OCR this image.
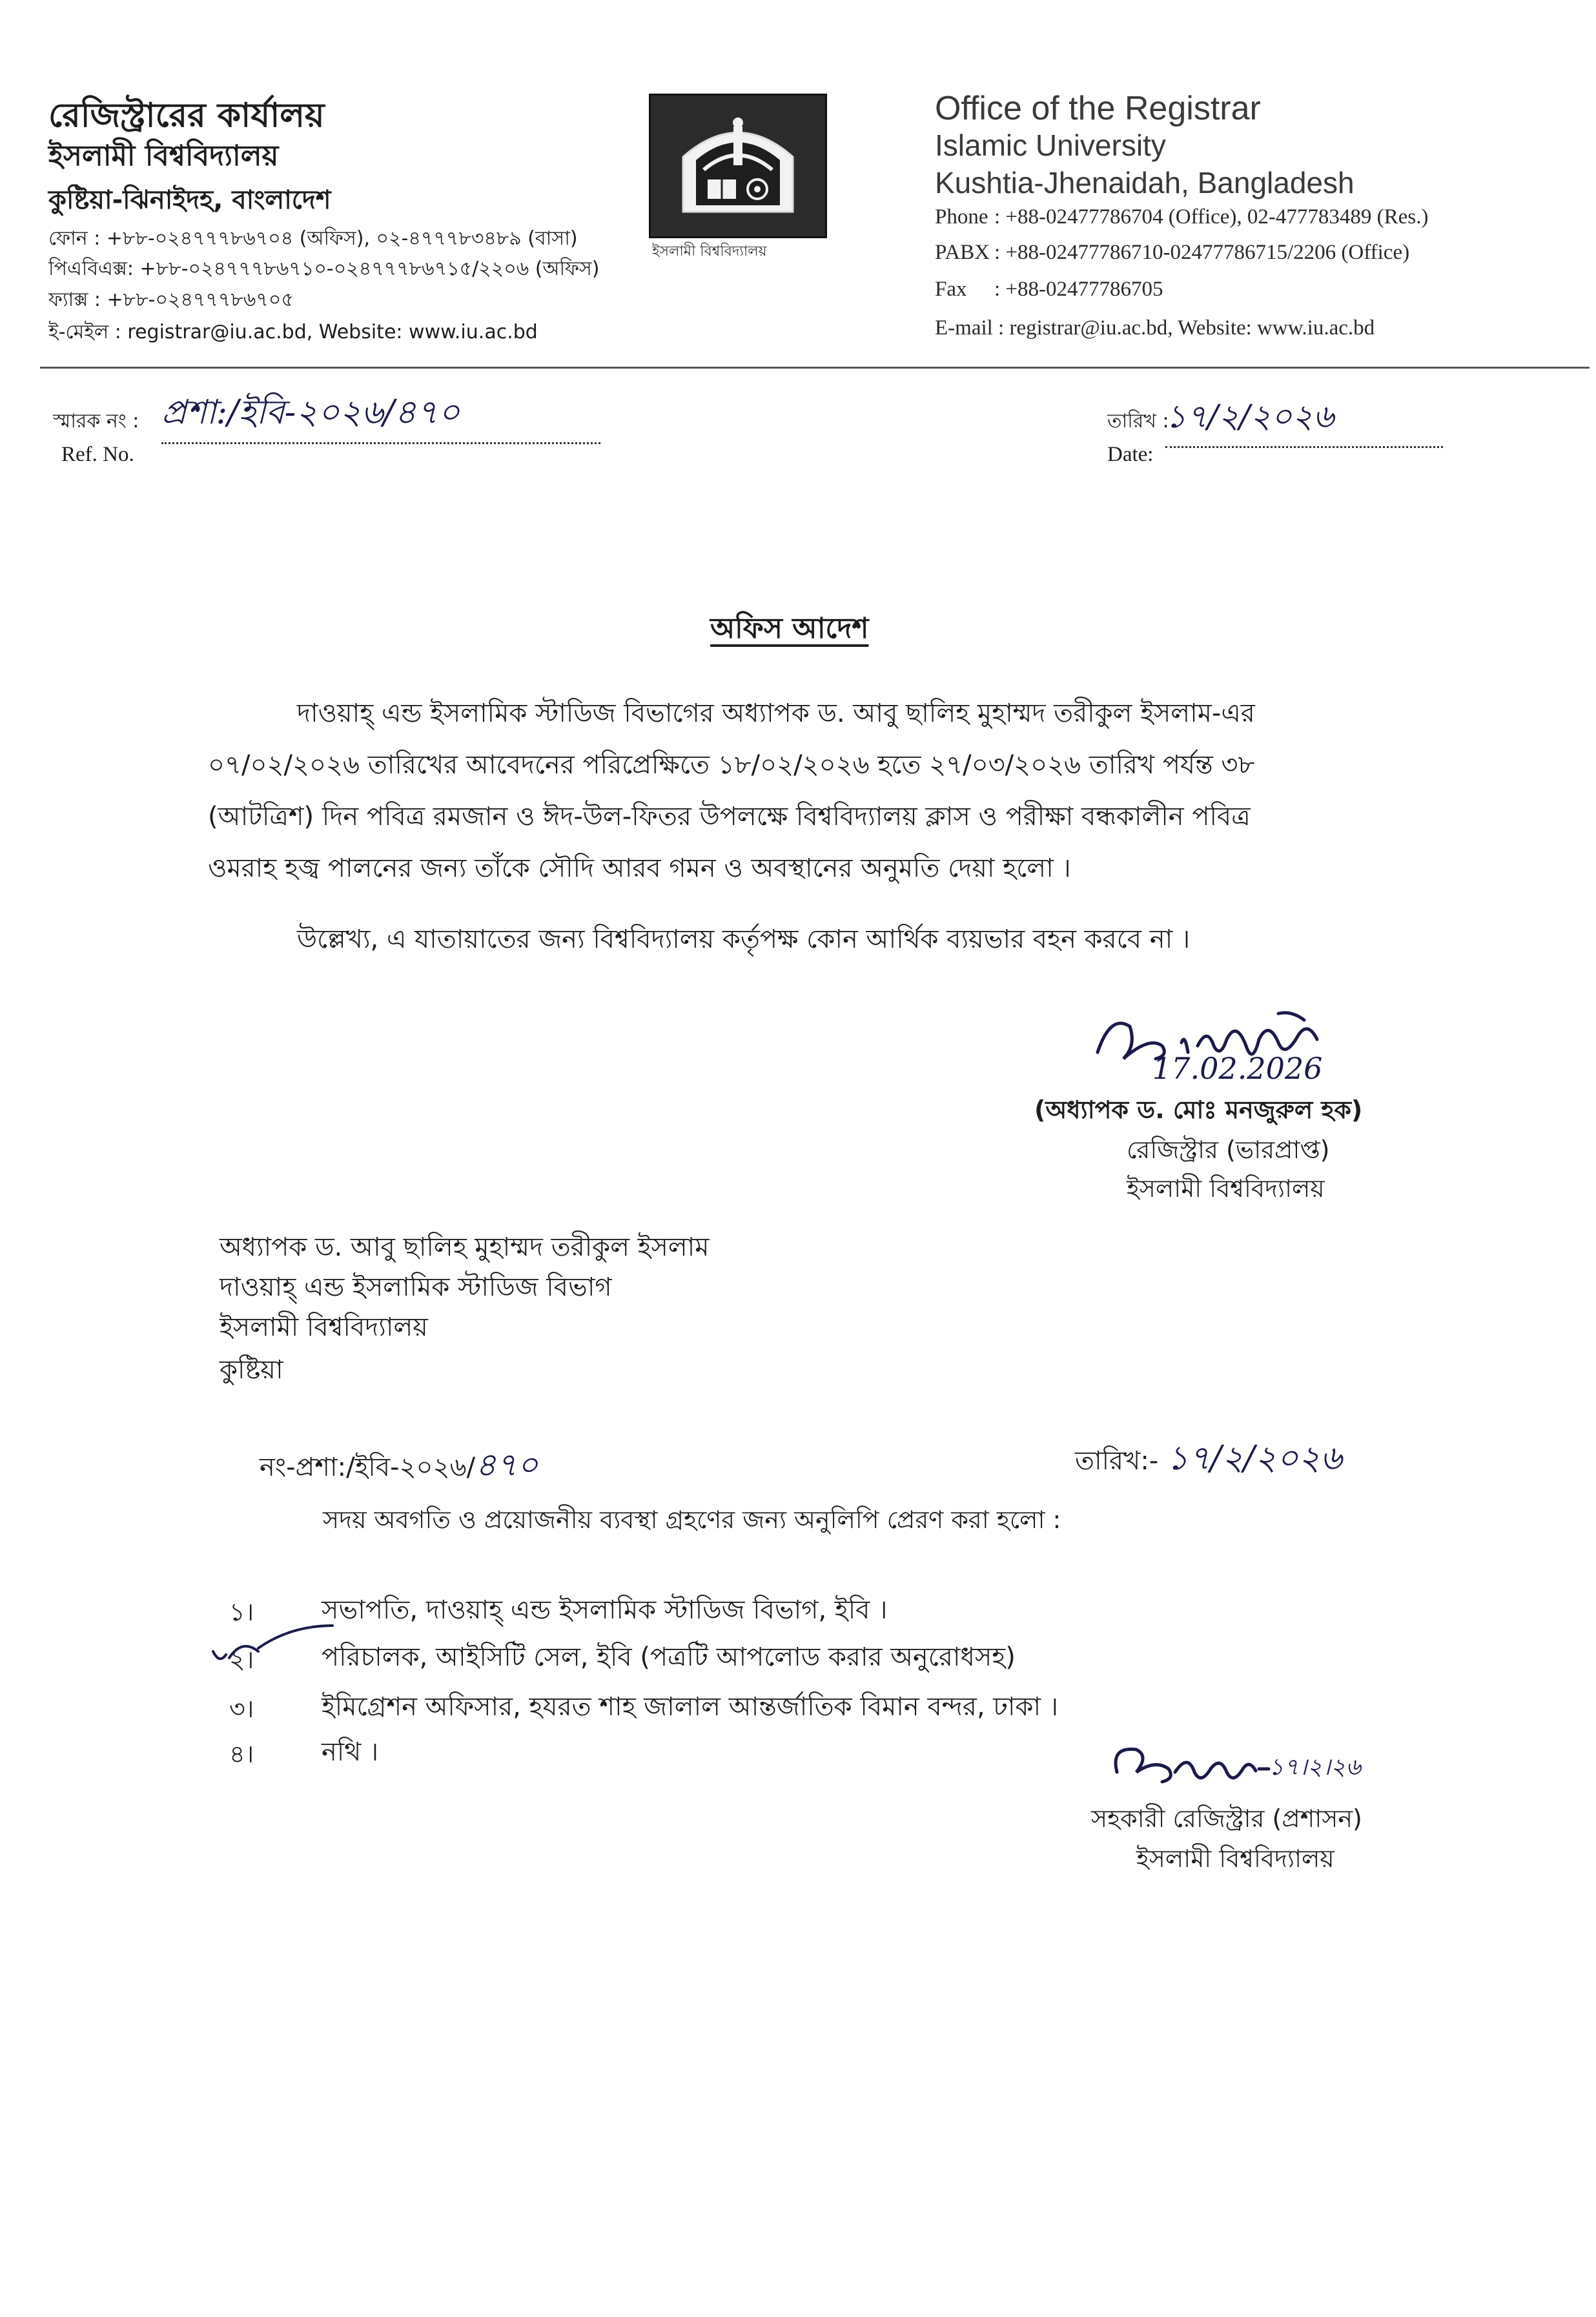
রেজিস্ট্রারের কার্যালয়
ইসলামী বিশ্ববিদ্যালয়
কুষ্টিয়া-ঝিনাইদহ, বাংলাদেশ
ফোন : +৮৮-০২৪৭৭৭৮৬৭০৪ (অফিস), ০২-৪৭৭৭৮৩৪৮৯ (বাসা)
পিএবিএক্স: +৮৮-০২৪৭৭৭৮৬৭১০-০২৪৭৭৭৮৬৭১৫/২২০৬ (অফিস)
ফ্যাক্স : +৮৮-০২৪৭৭৭৮৬৭০৫
ই-মেইল : registrar@iu.ac.bd, Website: www.iu.ac.bd
ইসলামী বিশ্ববিদ্যালয়
Office of the Registrar
Islamic University
Kushtia-Jhenaidah, Bangladesh
Phone : +88-02477786704 (Office), 02-477783489 (Res.)
PABX : +88-02477786710-02477786715/2206 (Office)
Fax : +88-02477786705
E-mail : registrar@iu.ac.bd, Website: www.iu.ac.bd
স্মারক নং : প্রশা:/ইবি-২০২৬/৪৭০
Ref. No.
তারিখ :
১৭/২/২০২৬
Date:
অফিস আদেশ
দাওয়াহ্ এন্ড ইসলামিক স্টাডিজ বিভাগের অধ্যাপক ড. আবু ছালিহ মুহাম্মদ তরীকুল ইসলাম-এর
০৭/০২/২০২৬ তারিখের আবেদনের পরিপ্রেক্ষিতে ১৮/০২/২০২৬ হতে ২৭/০৩/২০২৬ তারিখ পর্যন্ত ৩৮
(আটত্রিশ) দিন পবিত্র রমজান ও ঈদ-উল-ফিতর উপলক্ষে বিশ্ববিদ্যালয় ক্লাস ও পরীক্ষা বন্ধকালীন পবিত্র
ওমরাহ হজ্ব পালনের জন্য তাঁকে সৌদি আরব গমন ও অবস্থানের অনুমতি দেয়া হলো ।
উল্লেখ্য, এ যাতায়াতের জন্য বিশ্ববিদ্যালয় কর্তৃপক্ষ কোন আর্থিক ব্যয়ভার বহন করবে না ।
17.02.2026
(অধ্যাপক ড. মোঃ মনজুরুল হক)
রেজিস্ট্রার (ভারপ্রাপ্ত)
ইসলামী বিশ্ববিদ্যালয়
অধ্যাপক ড. আবু ছালিহ মুহাম্মদ তরীকুল ইসলাম
দাওয়াহ্ এন্ড ইসলামিক স্টাডিজ বিভাগ
ইসলামী বিশ্ববিদ্যালয়
কুষ্টিয়া
নং-প্রশা:/ইবি-২০২৬/৪৭০	তারিখ:- ১৭/২/২০২৬
সদয় অবগতি ও প্রয়োজনীয় ব্যবস্থা গ্রহণের জন্য অনুলিপি প্রেরণ করা হলো :
১।	সভাপতি, দাওয়াহ্ এন্ড ইসলামিক স্টাডিজ বিভাগ, ইবি ।
২।	পরিচালক, আইসিটি সেল, ইবি (পত্রটি আপলোড করার অনুরোধসহ)
৩।	ইমিগ্রেশন অফিসার, হযরত শাহ জালাল আন্তর্জাতিক বিমান বন্দর, ঢাকা ।
৪।	নথি ।
১৭।২।২৬
সহকারী রেজিস্ট্রার (প্রশাসন)
ইসলামী বিশ্ববিদ্যালয়
